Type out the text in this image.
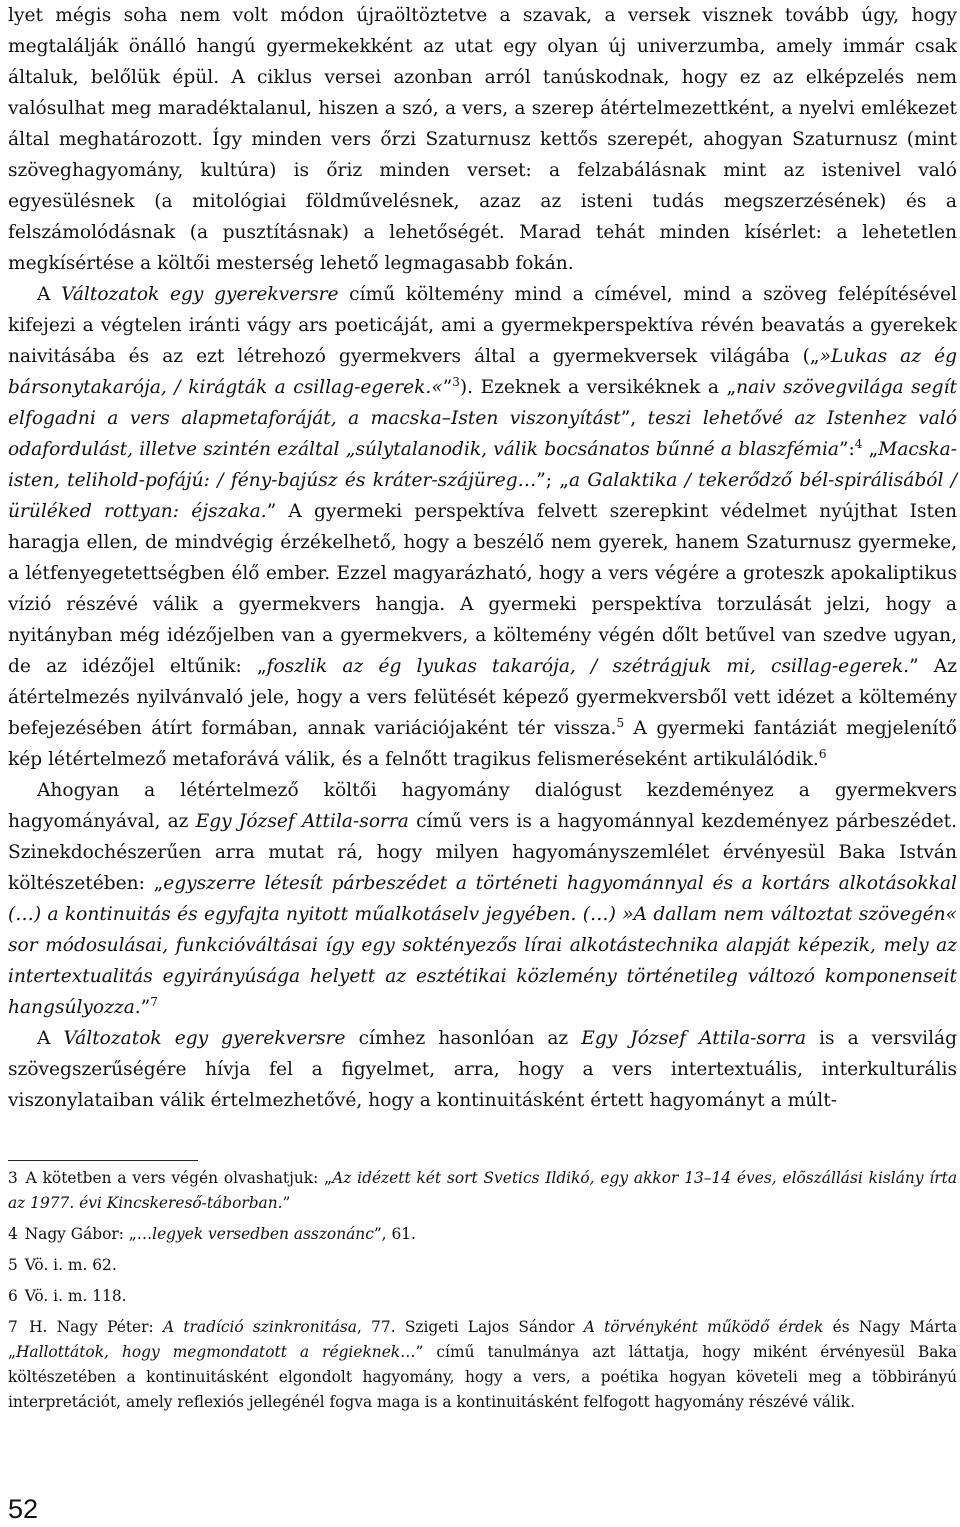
lyet mégis soha nem volt módon újraöltöztetve a szavak, a versek visznek tovább úgy, hogy megtalálják önálló hangú gyermekekként az utat egy olyan új univerzumba, amely immár csak általuk, belőlük épül. A ciklus versei azonban arról tanúskodnak, hogy ez az elképzelés nem valósulhat meg maradéktalanul, hiszen a szó, a vers, a szerep átértelmezettként, a nyelvi emlékezet által meghatározott. Így minden vers őrzi Szaturnusz kettős szerepét, ahogyan Szaturnusz (mint szöveghagyomány, kultúra) is őriz minden verset: a felzabálásnak mint az istenivel való egyesülésnek (a mitológiai földművelésnek, azaz az isteni tudás megszerzésének) és a felszámolódásnak (a pusztításnak) a lehetőségét. Marad tehát minden kísérlet: a lehetetlen megkísértése a költői mesterség lehető legmagasabb fokán.

A Változatok egy gyerekversre című költemény mind a címével, mind a szöveg felépítésével kifejezi a végtelen iránti vágy ars poeticáját, ami a gyermekperspektíva révén beavatás a gyerekek naivitásába és az ezt létrehozó gyermekvers által a gyermekversek világába („»Lukas az ég bársonytakarója, / kirágták a csillag-egerek.«”$^3$). Ezeknek a versikéknek a „naiv szövegvilága segít elfogadni a vers alapmetaforáját, a macska–Isten viszonyítást”, teszi lehetővé az Istenhez való odafordulást, illetve szintén ezáltal „súlytalanodik, válik bocsánatos bűnné a blaszfémia”:$^4$ „Macska-isten, telihold-pofájú: / fény-bajúsz és kráter-szájüreg…”; „a Galaktika / tekerődző bél-spirálisából / ürüléked rottyan: éjszaka.” A gyermeki perspektíva felvett szerepkint védelmet nyújthat Isten haragja ellen, de mindvégig érzékelhető, hogy a beszélő nem gyerek, hanem Szaturnusz gyermeke, a létfenyegetettségben élő ember. Ezzel magyarázható, hogy a vers végére a groteszk apokaliptikus vízió részévé válik a gyermekvers hangja. A gyermeki perspektíva torzulását jelzi, hogy a nyitányban még idézőjelben van a gyermekvers, a költemény végén dőlt betűvel van szedve ugyan, de az idézőjel eltűnik: „foszlik az ég lyukas takarója, / szétrágjuk mi, csillag-egerek.” Az átértelmezés nyilvánvaló jele, hogy a vers felütését képező gyermekversből vett idézet a költemény befejezésében átírt formában, annak variációjaként tér vissza.$^5$ A gyermeki fantáziát megjelenítő kép létértelmező metaforává válik, és a felnőtt tragikus felismeréseként artikulálódik.$^6$

Ahogyan a létértelmező költői hagyomány dialógust kezdeményez a gyermekvers hagyományával, az Egy József Attila-sorra című vers is a hagyománnyal kezdeményez párbeszédet. Szinekdochészerűen arra mutat rá, hogy milyen hagyományszemlélet érvényesül Baka István költészetében: „egyszerre létesít párbeszédet a történeti hagyománnyal és a kortárs alkotásokkal (…) a kontinuitás és egyfajta nyitott műalkotáselv jegyében. (…) »A dallam nem változtat szövegén« sor módosulásai, funkcióváltásai így egy soktényezős lírai alkotástechnika alapját képezik, mely az intertextualitás egyirányúsága helyett az esztétikai közlemény történetileg változó komponenseit hangsúlyozza.”$^7$

A Változatok egy gyerekversre címhez hasonlóan az Egy József Attila-sorra is a versvilág szövegszerűségére hívja fel a figyelmet, arra, hogy a vers intertextuális, interkulturális viszonylataiban válik értelmezhetővé, hogy a kontinuitásként értett hagyományt a múlt-

3 A kötetben a vers végén olvashatjuk: „Az idézett két sort Svetics Ildikó, egy akkor 13–14 éves, elõszállási kislány írta az 1977. évi Kincskereső-táborban.”

4 Nagy Gábor: „…legyek versedben asszonánc”, 61.

5 Vö. i. m. 62.

6 Vö. i. m. 118.

7 H. Nagy Péter: A tradíció szinkronitása, 77. Szigeti Lajos Sándor A törvényként működő érdek és Nagy Márta „Hallottátok, hogy megmondatott a régieknek…” című tanulmánya azt láttatja, hogy miként érvényesül Baka költészetében a kontinuitásként elgondolt hagyomány, hogy a vers, a poétika hogyan követeli meg a többirányú interpretációt, amely reflexiós jellegénél fogva maga is a kontinuitásként felfogott hagyomány részévé válik.

52
